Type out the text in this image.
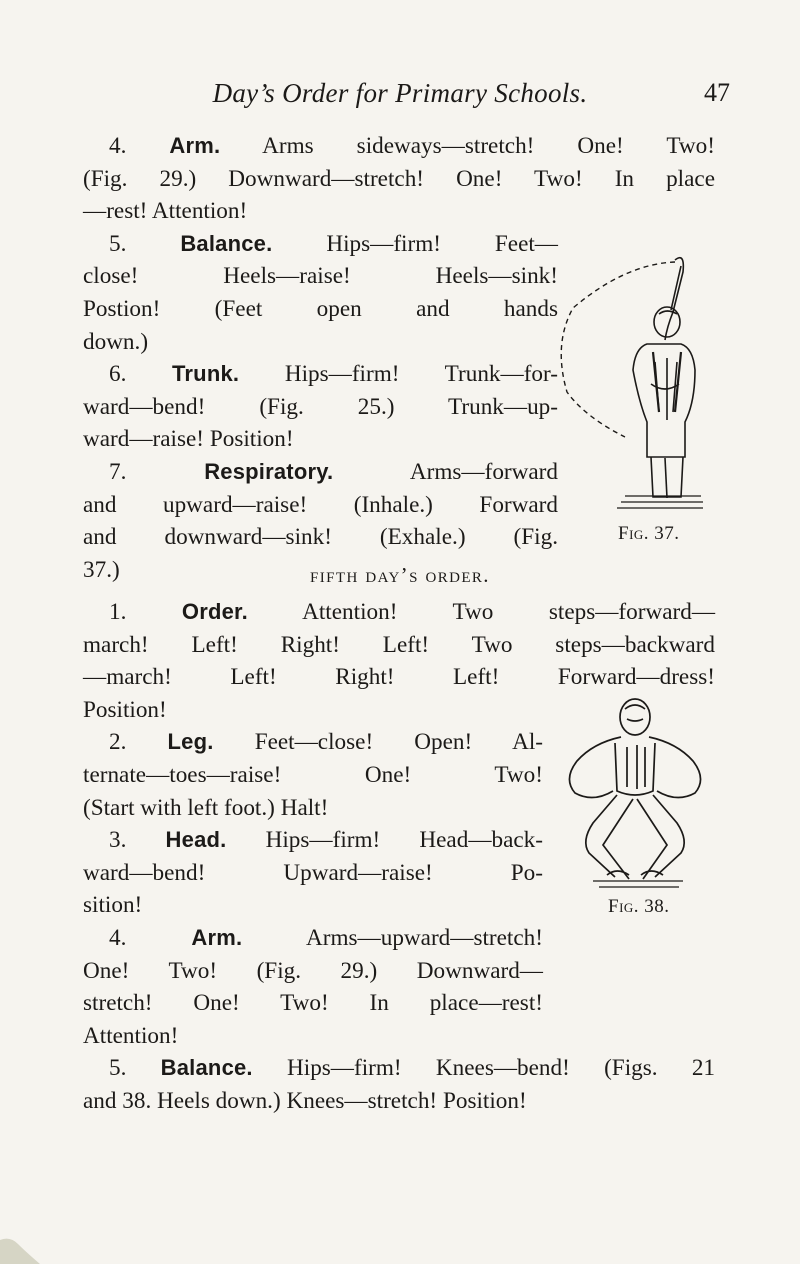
Day’s Order for Primary Schools.	47
4. Arm. Arms sideways—stretch! One! Two!
(Fig. 29.) Downward—stretch! One! Two! In place
—rest! Attention!
5. Balance. Hips—firm! Feet—
close! Heels—raise! Heels—sink!
Postion! (Feet open and hands
down.)
6. Trunk. Hips—firm! Trunk—for-
ward—bend! (Fig. 25.) Trunk—up-
ward—raise! Position!
7. Respiratory. Arms—forward
and upward—raise! (Inhale.) Forward
and downward—sink! (Exhale.) (Fig.
37.)
Fig. 37.
fifth day’s order.
1. Order. Attention! Two steps—forward—
march! Left! Right! Left! Two steps—backward
—march! Left! Right! Left! Forward—dress!
Position!
2. Leg. Feet—close! Open! Al-
ternate—toes—raise! One! Two!
(Start with left foot.) Halt!
3. Head. Hips—firm! Head—back-
ward—bend! Upward—raise! Po-
sition!
4. Arm. Arms—upward—stretch!
One! Two! (Fig. 29.) Downward—
stretch! One! Two! In place—rest!
Attention!
5. Balance. Hips—firm! Knees—bend! (Figs. 21
and 38. Heels down.) Knees—stretch! Position!
Fig. 38.
